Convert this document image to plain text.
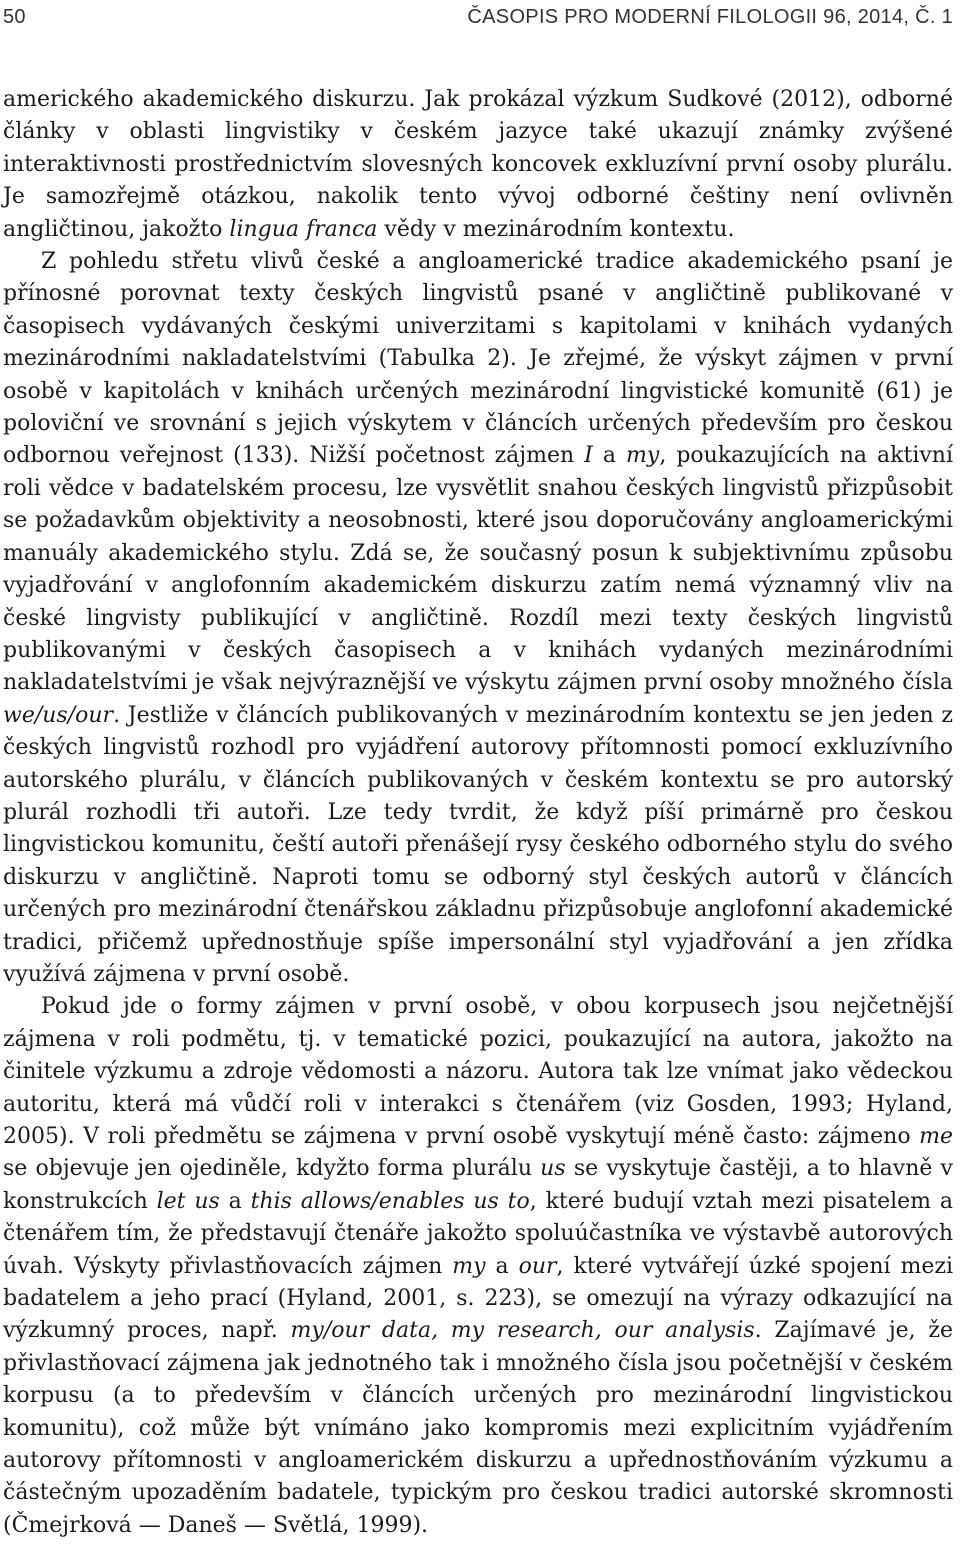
50	ČASOPIS PRO MODERNÍ FILOLOGII 96, 2014, Č. 1

amerického akademického diskurzu. Jak prokázal výzkum Sudkové (2012), odborné články v oblasti lingvistiky v českém jazyce také ukazují známky zvýšené interaktivnosti prostřednictvím slovesných koncovek exkluzívní první osoby plurálu. Je samozřejmě otázkou, nakolik tento vývoj odborné češtiny není ovlivněn angličtinou, jakožto lingua franca vědy v mezinárodním kontextu.

Z pohledu střetu vlivů české a angloamerické tradice akademického psaní je přínosné porovnat texty českých lingvistů psané v angličtině publikované v časopisech vydávaných českými univerzitami s kapitolami v knihách vydaných mezinárodními nakladatelstvími (Tabulka 2). Je zřejmé, že výskyt zájmen v první osobě v kapitolách v knihách určených mezinárodní lingvistické komunitě (61) je poloviční ve srovnání s jejich výskytem v článcích určených především pro českou odbornou veřejnost (133). Nižší početnost zájmen I a my, poukazujících na aktivní roli vědce v badatelském procesu, lze vysvětlit snahou českých lingvistů přizpůsobit se požadavkům objektivity a neosobnosti, které jsou doporučovány angloamerickými manuály akademického stylu. Zdá se, že současný posun k subjektivnímu způsobu vyjadřování v anglofonním akademickém diskurzu zatím nemá významný vliv na české lingvisty publikující v angličtině. Rozdíl mezi texty českých lingvistů publikovanými v českých časopisech a v knihách vydaných mezinárodními nakladatelstvími je však nejvýraznější ve výskytu zájmen první osoby množného čísla we/us/our. Jestliže v článcích publikovaných v mezinárodním kontextu se jen jeden z českých lingvistů rozhodl pro vyjádření autorovy přítomnosti pomocí exkluzívního autorského plurálu, v článcích publikovaných v českém kontextu se pro autorský plurál rozhodli tři autoři. Lze tedy tvrdit, že když píší primárně pro českou lingvistickou komunitu, čeští autoři přenášejí rysy českého odborného stylu do svého diskurzu v angličtině. Naproti tomu se odborný styl českých autorů v článcích určených pro mezinárodní čtenářskou základnu přizpůsobuje anglofonní akademické tradici, přičemž upřednostňuje spíše impersonální styl vyjadřování a jen zřídka využívá zájmena v první osobě.

Pokud jde o formy zájmen v první osobě, v obou korpusech jsou nejčetnější zájmena v roli podmětu, tj. v tematické pozici, poukazující na autora, jakožto na činitele výzkumu a zdroje vědomosti a názoru. Autora tak lze vnímat jako vědeckou autoritu, která má vůdčí roli v interakci s čtenářem (viz Gosden, 1993; Hyland, 2005). V roli předmětu se zájmena v první osobě vyskytují méně často: zájmeno me se objevuje jen ojediněle, kdyžto forma plurálu us se vyskytuje častěji, a to hlavně v konstrukcích let us a this allows/enables us to, které budují vztah mezi pisatelem a čtenářem tím, že představují čtenáře jakožto spoluúčastníka ve výstavbě autorových úvah. Výskyty přivlastňovacích zájmen my a our, které vytvářejí úzké spojení mezi badatelem a jeho prací (Hyland, 2001, s. 223), se omezují na výrazy odkazující na výzkumný proces, např. my/our data, my research, our analysis. Zajímavé je, že přivlastňovací zájmena jak jednotného tak i množného čísla jsou početnější v českém korpusu (a to především v článcích určených pro mezinárodní lingvistickou komunitu), což může být vnímáno jako kompromis mezi explicitním vyjádřením autorovy přítomnosti v angloamerickém diskurzu a upřednostňováním výzkumu a částečným upozaděním badatele, typickým pro českou tradici autorské skromnosti (Čmejrková — Daneš — Světlá, 1999).
